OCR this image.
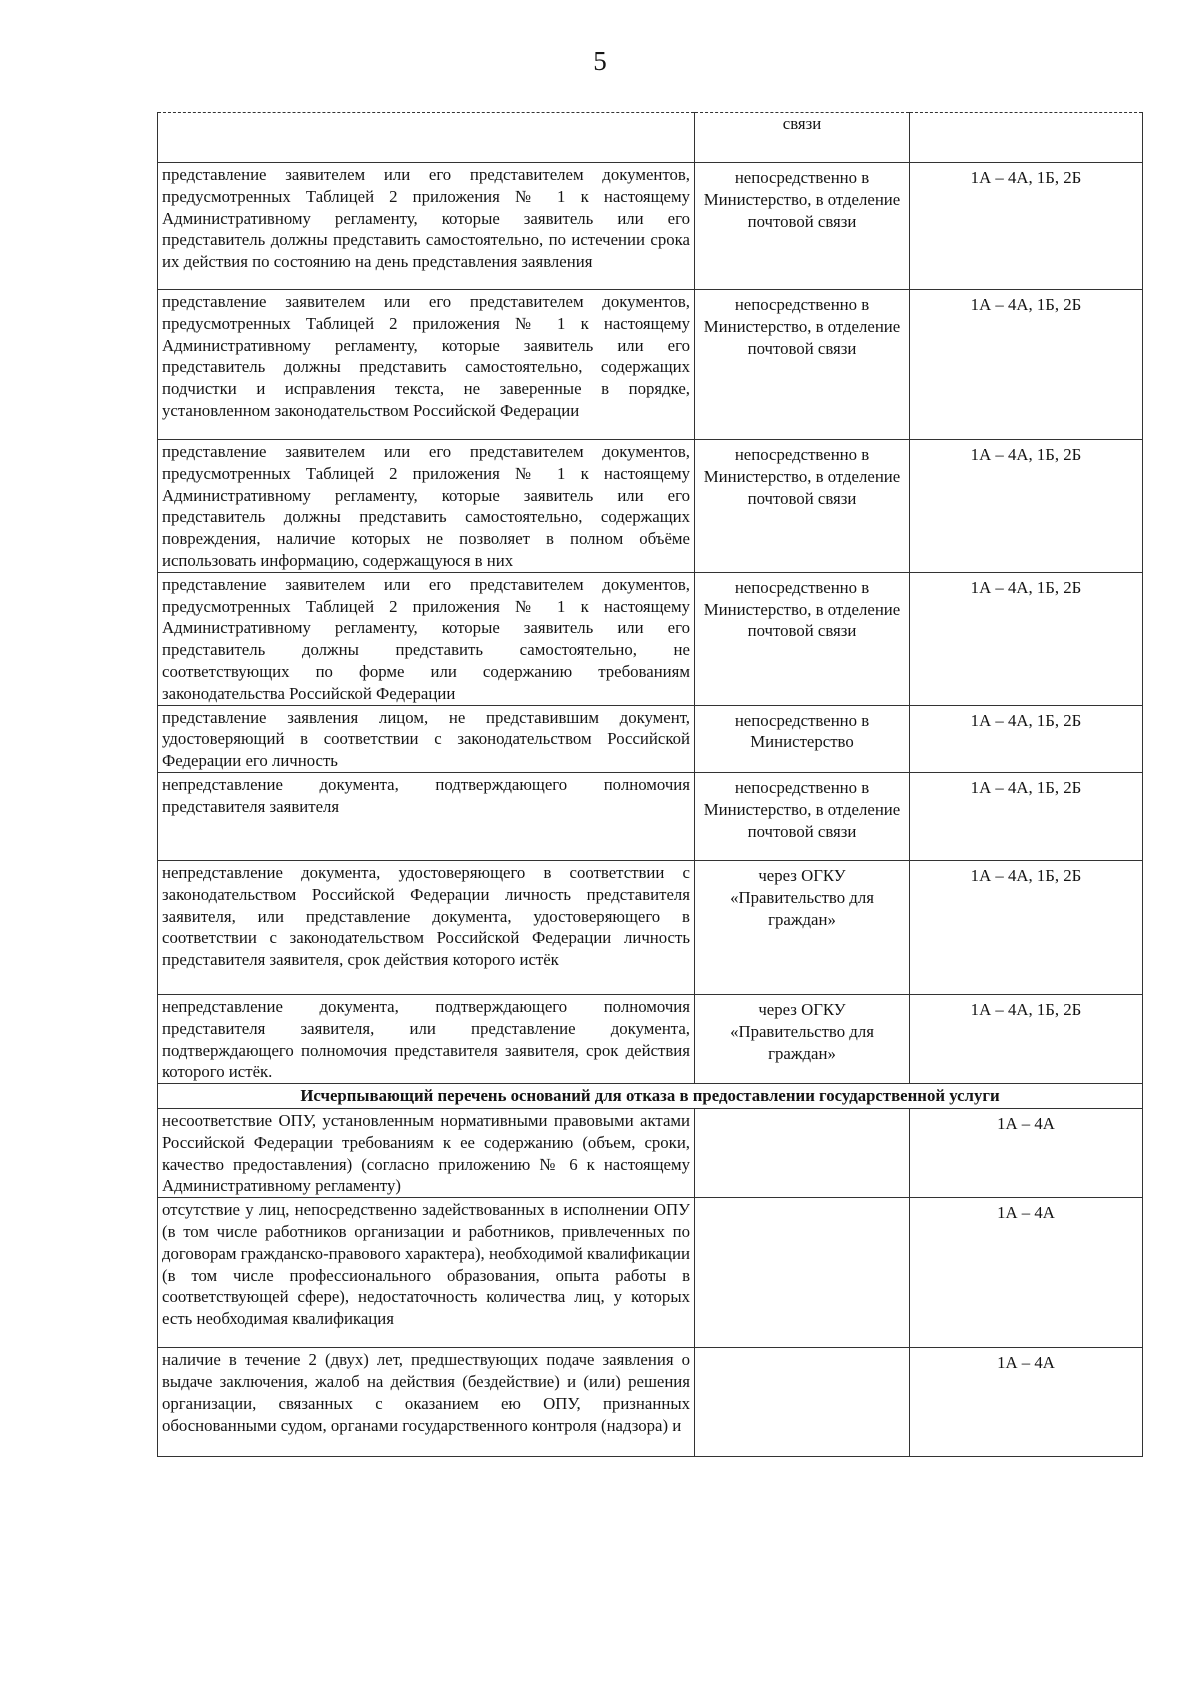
5
	связи	
представление заявителем или его представителем документов, предусмотренных Таблицей 2 приложения № 1 к настоящему Административному регламенту, которые заявитель или его представитель должны представить самостоятельно, по истечении срока их действия по состоянию на день представления заявления	непосредственно в Министерство, в отделение почтовой связи	1А – 4А, 1Б, 2Б
представление заявителем или его представителем документов, предусмотренных Таблицей 2 приложения № 1 к настоящему Административному регламенту, которые заявитель или его представитель должны представить самостоятельно, содержащих подчистки и исправления текста, не заверенные в порядке, установленном законодательством Российской Федерации	непосредственно в Министерство, в отделение почтовой связи	1А – 4А, 1Б, 2Б
представление заявителем или его представителем документов, предусмотренных Таблицей 2 приложения № 1 к настоящему Административному регламенту, которые заявитель или его представитель должны представить самостоятельно, содержащих повреждения, наличие которых не позволяет в полном объёме использовать информацию, содержащуюся в них	непосредственно в Министерство, в отделение почтовой связи	1А – 4А, 1Б, 2Б
представление заявителем или его представителем документов, предусмотренных Таблицей 2 приложения № 1 к настоящему Административному регламенту, которые заявитель или его представитель должны представить самостоятельно, не соответствующих по форме или содержанию требованиям законодательства Российской Федерации	непосредственно в Министерство, в отделение почтовой связи	1А – 4А, 1Б, 2Б
представление заявления лицом, не представившим документ, удостоверяющий в соответствии с законодательством Российской Федерации его личность	непосредственно в Министерство	1А – 4А, 1Б, 2Б
непредставление документа, подтверждающего полномочия представителя заявителя	непосредственно в Министерство, в отделение почтовой связи	1А – 4А, 1Б, 2Б
непредставление документа, удостоверяющего в соответствии с законодательством Российской Федерации личность представителя заявителя, или представление документа, удостоверяющего в соответствии с законодательством Российской Федерации личность представителя заявителя, срок действия которого истёк	через ОГКУ «Правительство для граждан»	1А – 4А, 1Б, 2Б
непредставление документа, подтверждающего полномочия представителя заявителя, или представление документа, подтверждающего полномочия представителя заявителя, срок действия которого истёк.	через ОГКУ «Правительство для граждан»	1А – 4А, 1Б, 2Б
Исчерпывающий перечень оснований для отказа в предоставлении государственной услуги		
несоответствие ОПУ, установленным нормативными правовыми актами Российской Федерации требованиям к ее содержанию (объем, сроки, качество предоставления) (согласно приложению № 6 к настоящему Административному регламенту)		1А – 4А
отсутствие у лиц, непосредственно задействованных в исполнении ОПУ (в том числе работников организации и работников, привлеченных по договорам гражданско-правового характера), необходимой квалификации (в том числе профессионального образования, опыта работы в соответствующей сфере), недостаточность количества лиц, у которых есть необходимая квалификация		1А – 4А
наличие в течение 2 (двух) лет, предшествующих подаче заявления о выдаче заключения, жалоб на действия (бездействие) и (или) решения организации, связанных с оказанием ею ОПУ, признанных обоснованными судом, органами государственного контроля (надзора) и		1А – 4А
